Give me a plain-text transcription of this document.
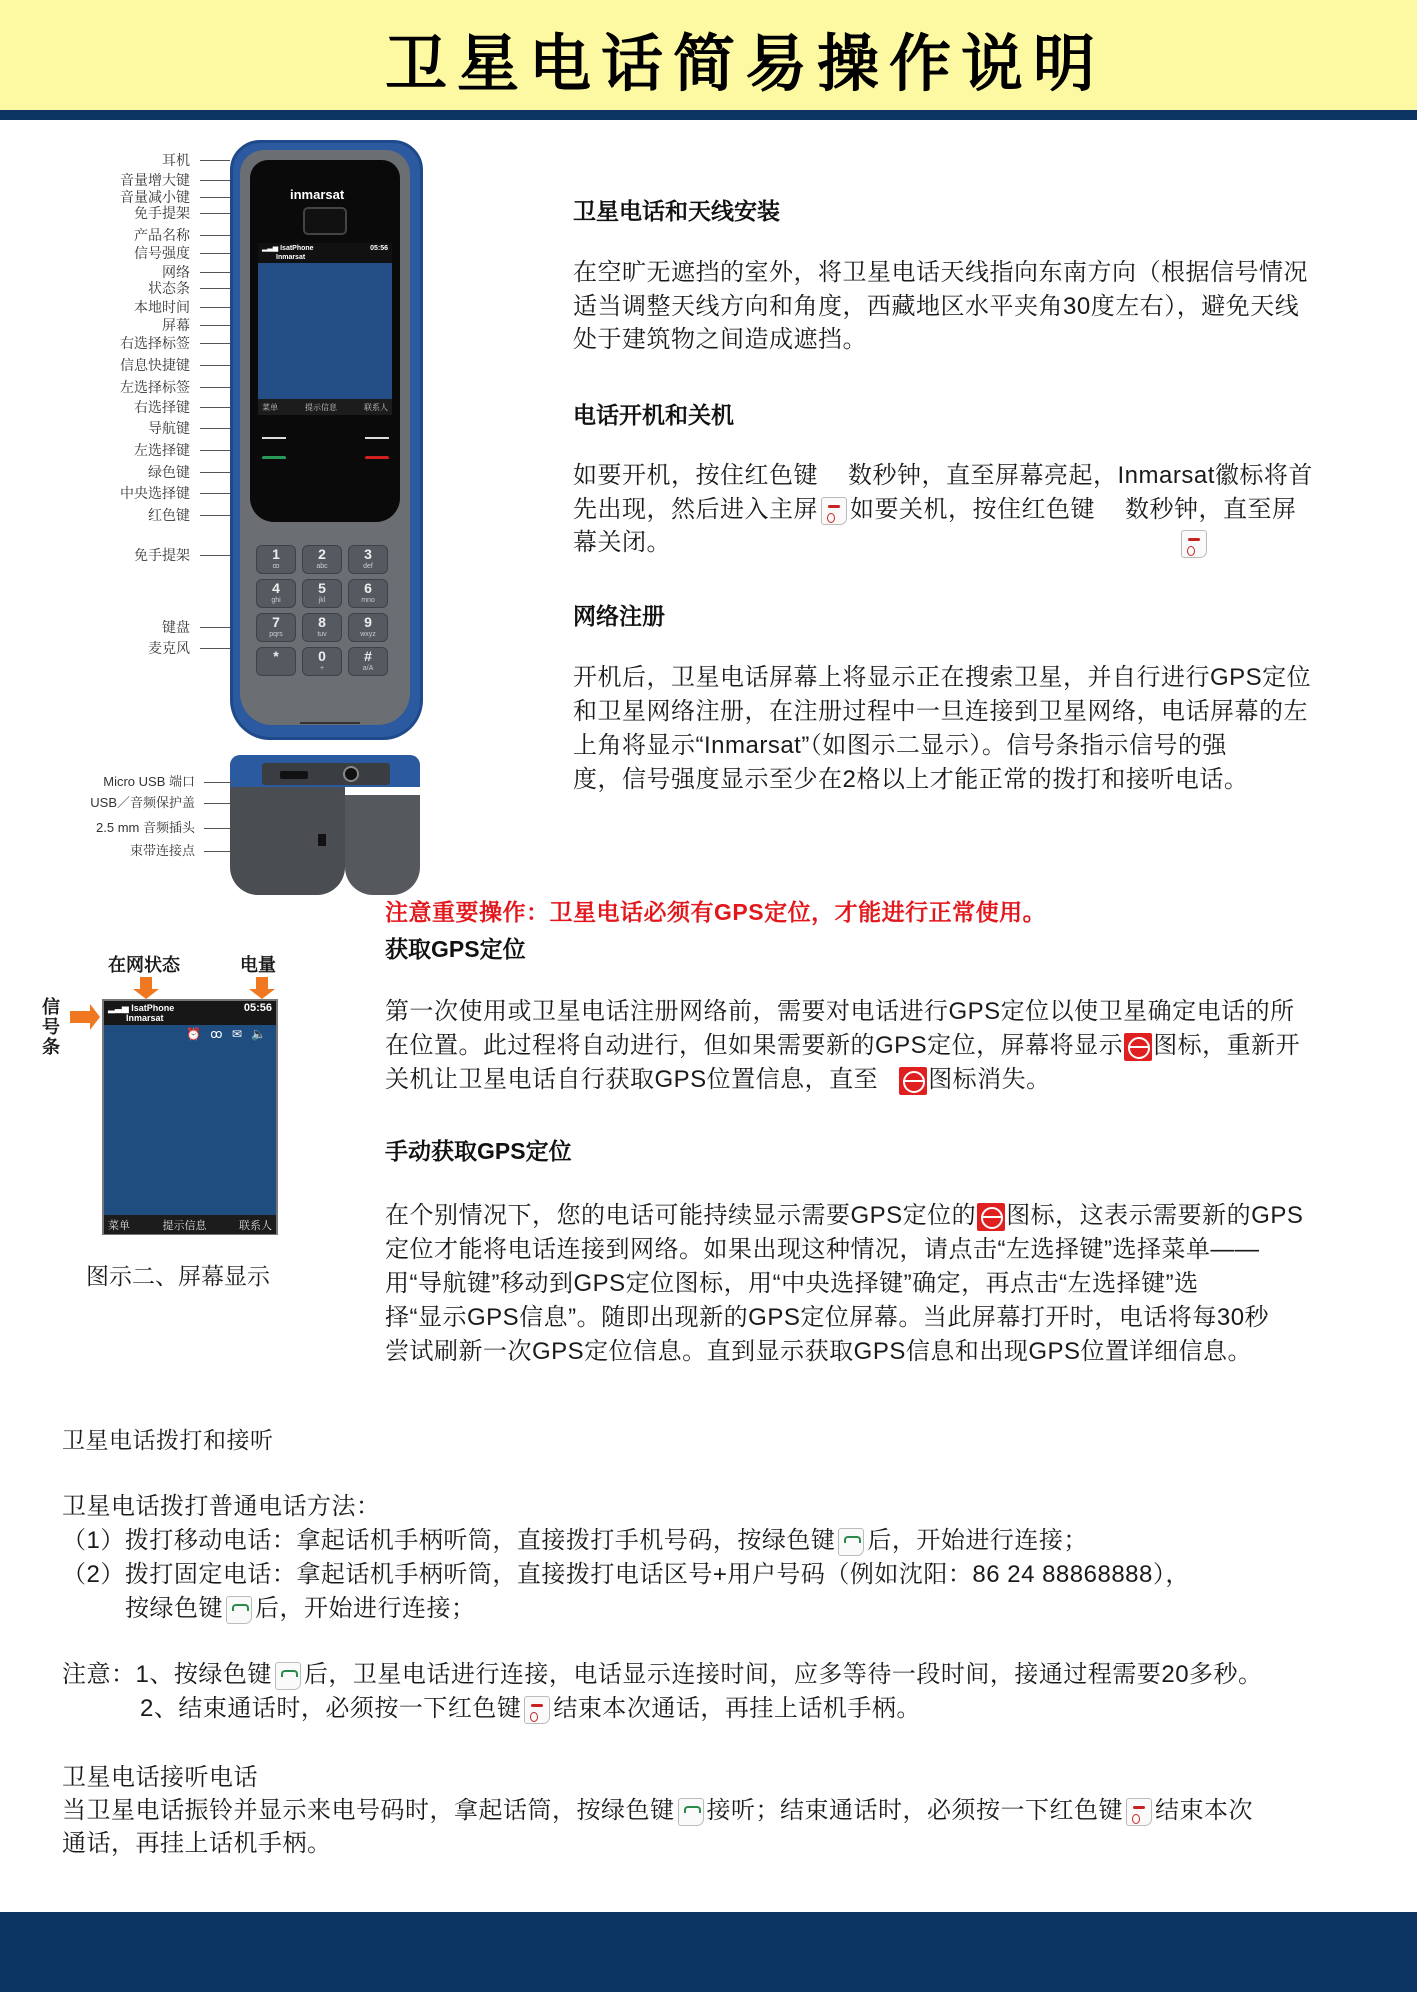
卫星电话简易操作说明
inmarsat
▂▃▅ IsatPhone	05:56

Inmarsat
菜单	提示信息	联系人
1
ꝏ
2
abc
3
def
4
ghi
5
jkl
6
mno
7
pqrs
8
tuv
9
wxyz
*	0
+
#
a/A
耳机
音量增大键
音量减小键
免手提架
产品名称
信号强度
网络
状态条
本地时间
屏幕
右选择标签
信息快捷键
左选择标签
右选择键
导航键
左选择键
绿色键
中央选择键
红色键
免手提架
键盘
麦克风
Micro USB 端口
USB／音频保护盖
2.5 mm 音频插头
束带连接点
在网状态	电量
信号条
▂▃▅ IsatPhone	05:56

Inmarsat
⏰ ꝏ ✉ 🔈
菜单	提示信息	联系人
图示二、屏幕显示
卫星电话和天线安装
在空旷无遮挡的室外，将卫星电话天线指向东南方向（根据信号情况
适当调整天线方向和角度，西藏地区水平夹角30度左右），避免天线
处于建筑物之间造成遮挡。
电话开机和关机
如要开机，按住红色键 数秒钟，直至屏幕亮起，Inmarsat徽标将首
先出现，然后进入主屏 如要关机，按住红色键 数秒钟，直至屏
幕关闭。
网络注册
开机后，卫星电话屏幕上将显示正在搜索卫星，并自行进行GPS定位
和卫星网络注册，在注册过程中一旦连接到卫星网络，电话屏幕的左
上角将显示“Inmarsat”（如图示二显示）。信号条指示信号的强
度，信号强度显示至少在2格以上才能正常的拨打和接听电话。
注意重要操作：卫星电话必须有GPS定位，才能进行正常使用。
获取GPS定位
第一次使用或卫星电话注册网络前，需要对电话进行GPS定位以使卫星确定电话的所
在位置。此过程将自动进行，但如果需要新的GPS定位，屏幕将显示 图标，重新开
关机让卫星电话自行获取GPS位置信息，直至 图标消失。
手动获取GPS定位
在个别情况下，您的电话可能持续显示需要GPS定位的 图标，这表示需要新的GPS
定位才能将电话连接到网络。如果出现这种情况，请点击“左选择键”选择菜单——
用“导航键”移动到GPS定位图标，用“中央选择键”确定，再点击“左选择键”选
择“显示GPS信息”。随即出现新的GPS定位屏幕。当此屏幕打开时，电话将每30秒
尝试刷新一次GPS定位信息。直到显示获取GPS信息和出现GPS位置详细信息。
卫星电话拨打和接听
卫星电话拨打普通电话方法：
（1）拨打移动电话：拿起话机手柄听筒，直接拨打手机号码，按绿色键 后，开始进行连接；
（2）拨打固定电话：拿起话机手柄听筒，直接拨打电话区号+用户号码（例如沈阳：86 24 88868888），
按绿色键 后，开始进行连接；
注意：1、按绿色键 后，卫星电话进行连接，电话显示连接时间，应多等待一段时间，接通过程需要20多秒。
2、结束通话时，必须按一下红色键 结束本次通话，再挂上话机手柄。
卫星电话接听电话
当卫星电话振铃并显示来电号码时，拿起话筒，按绿色键 接听；结束通话时，必须按一下红色键 结束本次
通话，再挂上话机手柄。
